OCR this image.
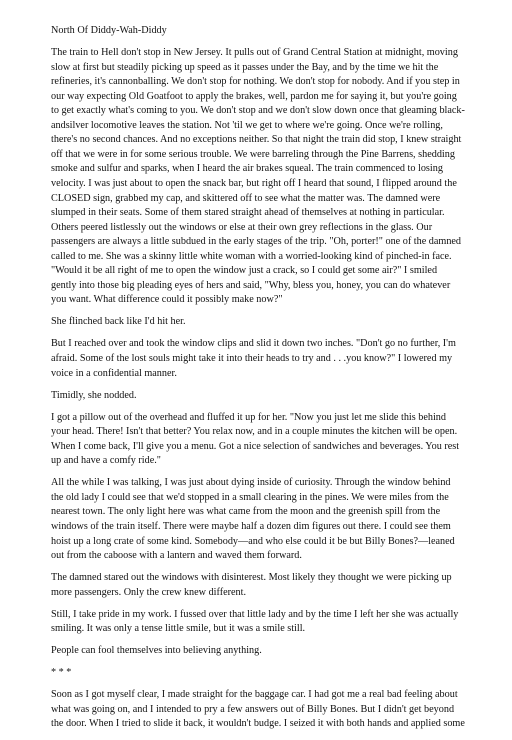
North Of Diddy-Wah-Diddy

The train to Hell don't stop in New Jersey. It pulls out of Grand Central Station at midnight, moving slow at first but steadily picking up speed as it passes under the Bay, and by the time we hit the refineries, it's cannonballing. We don't stop for nothing. We don't stop for nobody. And if you step in our way expecting Old Goatfoot to apply the brakes, well, pardon me for saying it, but you're going to get exactly what's coming to you. We don't stop and we don't slow down once that gleaming black-andsilver locomotive leaves the station. Not 'til we get to where we're going. Once we're rolling, there's no second chances. And no exceptions neither. So that night the train did stop, I knew straight off that we were in for some serious trouble. We were barreling through the Pine Barrens, shedding smoke and sulfur and sparks, when I heard the air brakes squeal. The train commenced to losing velocity. I was just about to open the snack bar, but right off I heard that sound, I flipped around the CLOSED sign, grabbed my cap, and skittered off to see what the matter was. The damned were slumped in their seats. Some of them stared straight ahead of themselves at nothing in particular. Others peered listlessly out the windows or else at their own grey reflections in the glass. Our passengers are always a little subdued in the early stages of the trip. "Oh, porter!" one of the damned called to me. She was a skinny little white woman with a worried-looking kind of pinched-in face. "Would it be all right of me to open the window just a crack, so I could get some air?" I smiled gently into those big pleading eyes of hers and said, "Why, bless you, honey, you can do whatever you want. What difference could it possibly make now?"

She flinched back like I'd hit her.

But I reached over and took the window clips and slid it down two inches. "Don't go no further, I'm afraid. Some of the lost souls might take it into their heads to try and . . .you know?" I lowered my voice in a confidential manner.

Timidly, she nodded.

I got a pillow out of the overhead and fluffed it up for her. "Now you just let me slide this behind your head. There! Isn't that better? You relax now, and in a couple minutes the kitchen will be open. When I come back, I'll give you a menu. Got a nice selection of sandwiches and beverages. You rest up and have a comfy ride."

All the while I was talking, I was just about dying inside of curiosity. Through the window behind the old lady I could see that we'd stopped in a small clearing in the pines. We were miles from the nearest town. The only light here was what came from the moon and the greenish spill from the windows of the train itself. There were maybe half a dozen dim figures out there. I could see them hoist up a long crate of some kind. Somebody—and who else could it be but Billy Bones?—leaned out from the caboose with a lantern and waved them forward.

The damned stared out the windows with disinterest. Most likely they thought we were picking up more passengers. Only the crew knew different.

Still, I take pride in my work. I fussed over that little lady and by the time I left her she was actually smiling. It was only a tense little smile, but it was a smile still.

People can fool themselves into believing anything.

* * *

Soon as I got myself clear, I made straight for the baggage car. I had got me a real bad feeling about what was going on, and I intended to pry a few answers out of Billy Bones. But I didn't get beyond the door. When I tried to slide it back, it wouldn't budge. I seized it with both hands and applied some
